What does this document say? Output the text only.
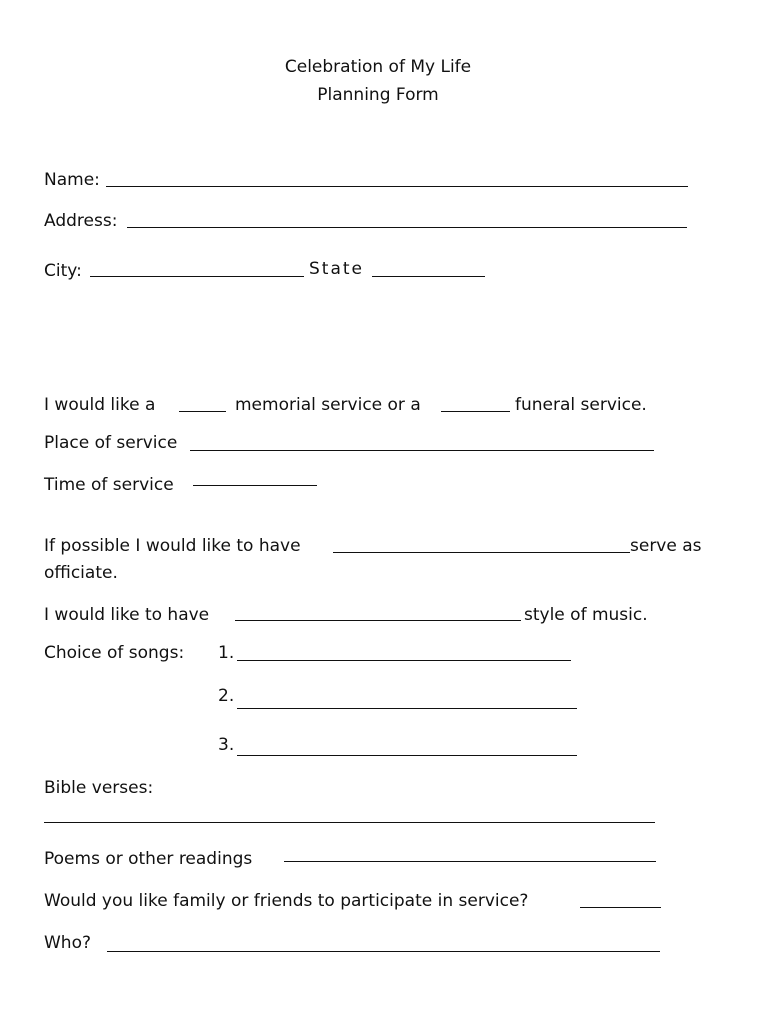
Celebration of My Life
Planning Form
Name:
Address:
City:	State
I would like a	memorial service or a	funeral service.
Place of service
Time of service
If possible I would like to have	serve as
officiate.
I would like to have	style of music.
Choice of songs: 1.
2.
3.
Bible verses:
Poems or other readings
Would you like family or friends to participate in service?
Who?
